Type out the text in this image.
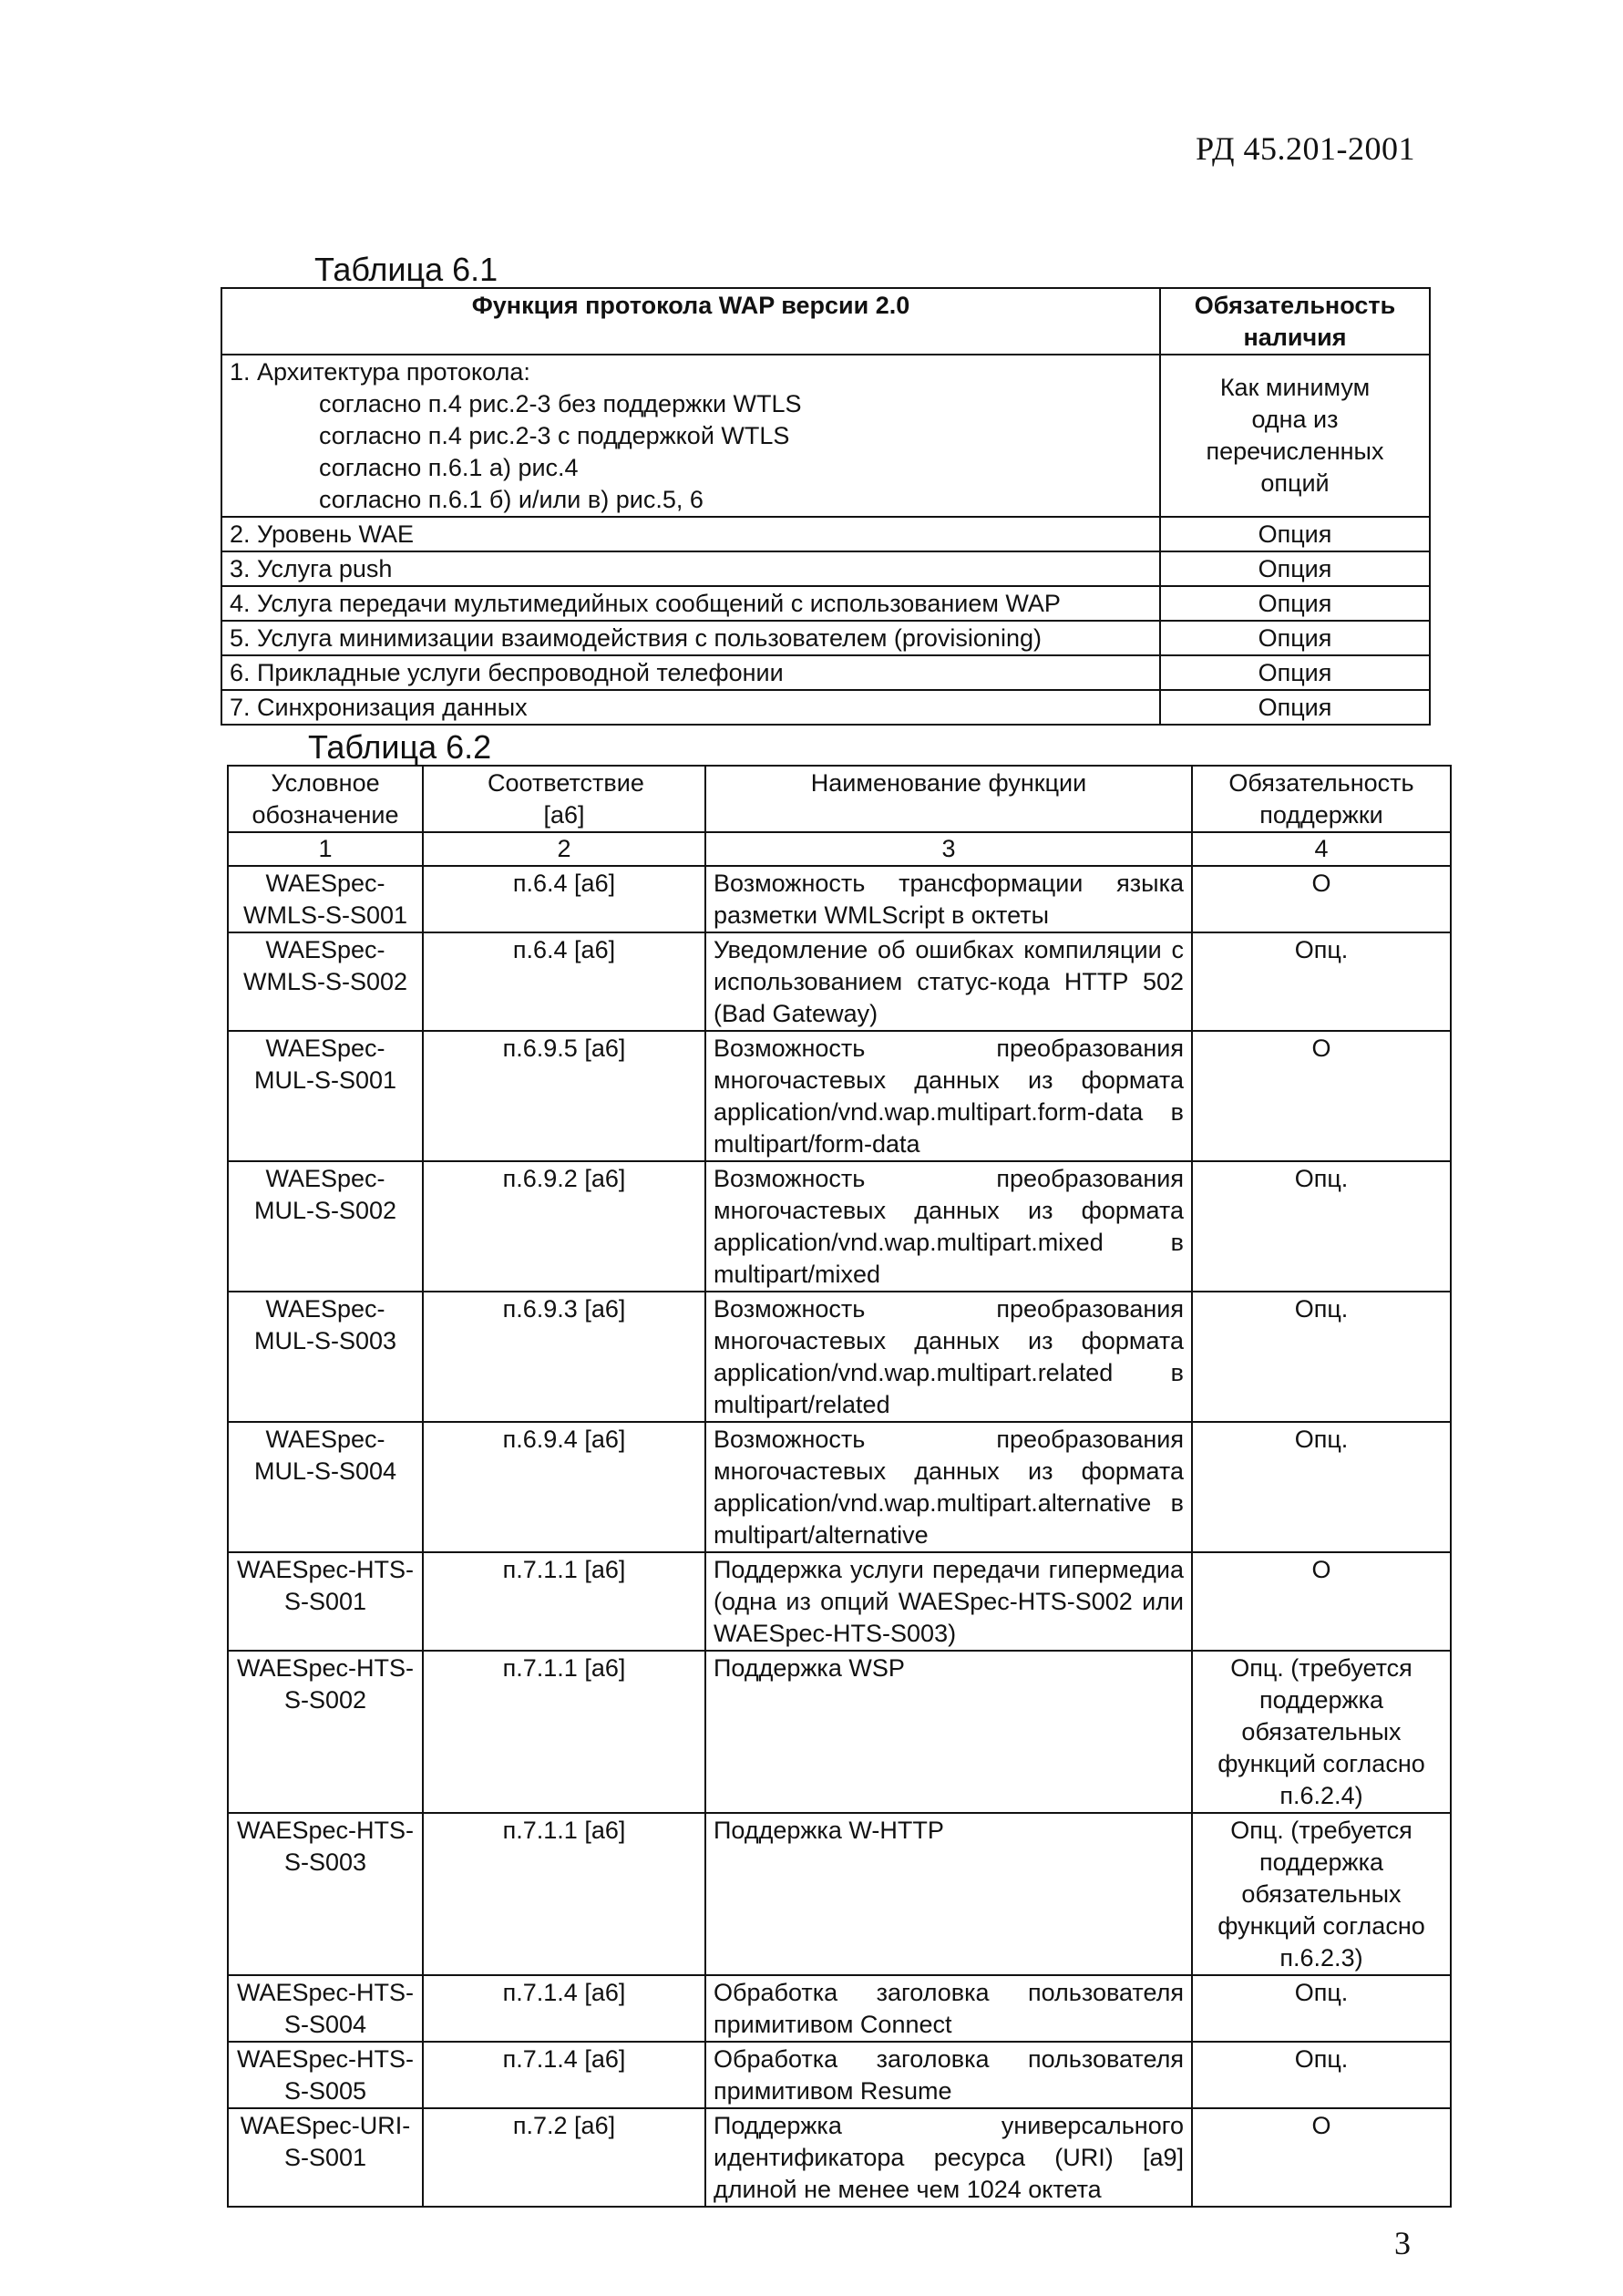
РД 45.201-2001
Таблица 6.1
Функция протокола WAP версии 2.0	Обязательность наличия

1. Архитектура протокола:
согласно п.4 рис.2-3 без поддержки WTLS
согласно п.4 рис.2-3 с поддержкой WTLS
согласно п.6.1 а) рис.4
согласно п.6.1 б) и/или в) рис.5, 6	Как минимум одна из перечисленных опций
2. Уровень WAE	Опция
3. Услуга push	Опция
4. Услуга передачи мультимедийных сообщений с использованием WAP	Опция
5. Услуга минимизации взаимодействия с пользователем (provisioning)	Опция
6. Прикладные услуги беспроводной телефонии	Опция
7. Синхронизация данных	Опция
Таблица 6.2
Условное обозначение	Соответствие [а6]	Наименование функции	Обязательность поддержки
1	2	3	4
WAESpec-WMLS-S-S001	п.6.4 [а6]	Возможность трансформации языка разметки WMLScript в октеты	О
WAESpec-WMLS-S-S002	п.6.4 [а6]	Уведомление об ошибках компиляции с использованием статус-кода HTTP 502 (Bad Gateway)	Опц.
WAESpec-MUL-S-S001	п.6.9.5 [а6]	Возможность преобразования многочастевых данных из формата application/vnd.wap.multipart.form-data в multipart/form-data	О
WAESpec-MUL-S-S002	п.6.9.2 [а6]	Возможность преобразования многочастевых данных из формата application/vnd.wap.multipart.mixed в multipart/mixed	Опц.
WAESpec-MUL-S-S003	п.6.9.3 [а6]	Возможность преобразования многочастевых данных из формата application/vnd.wap.multipart.related в multipart/related	Опц.
WAESpec-MUL-S-S004	п.6.9.4 [а6]	Возможность преобразования многочастевых данных из формата application/vnd.wap.multipart.alternative в multipart/alternative	Опц.
WAESpec-HTS-S-S001	п.7.1.1 [а6]	Поддержка услуги передачи гипермедиа (одна из опций WAESpec-HTS-S002 или WAESpec-HTS-S003)	О
WAESpec-HTS-S-S002	п.7.1.1 [а6]	Поддержка WSP	Опц. (требуется поддержка обязательных функций согласно п.6.2.4)
WAESpec-HTS-S-S003	п.7.1.1 [а6]	Поддержка W-HTTP	Опц. (требуется поддержка обязательных функций согласно п.6.2.3)
WAESpec-HTS-S-S004	п.7.1.4 [а6]	Обработка заголовка пользователя примитивом Connect	Опц.
WAESpec-HTS-S-S005	п.7.1.4 [а6]	Обработка заголовка пользователя примитивом Resume	Опц.
WAESpec-URI-S-S001	п.7.2 [а6]	Поддержка универсального идентификатора ресурса (URI) [а9] длиной не менее чем 1024 октета	О
3
